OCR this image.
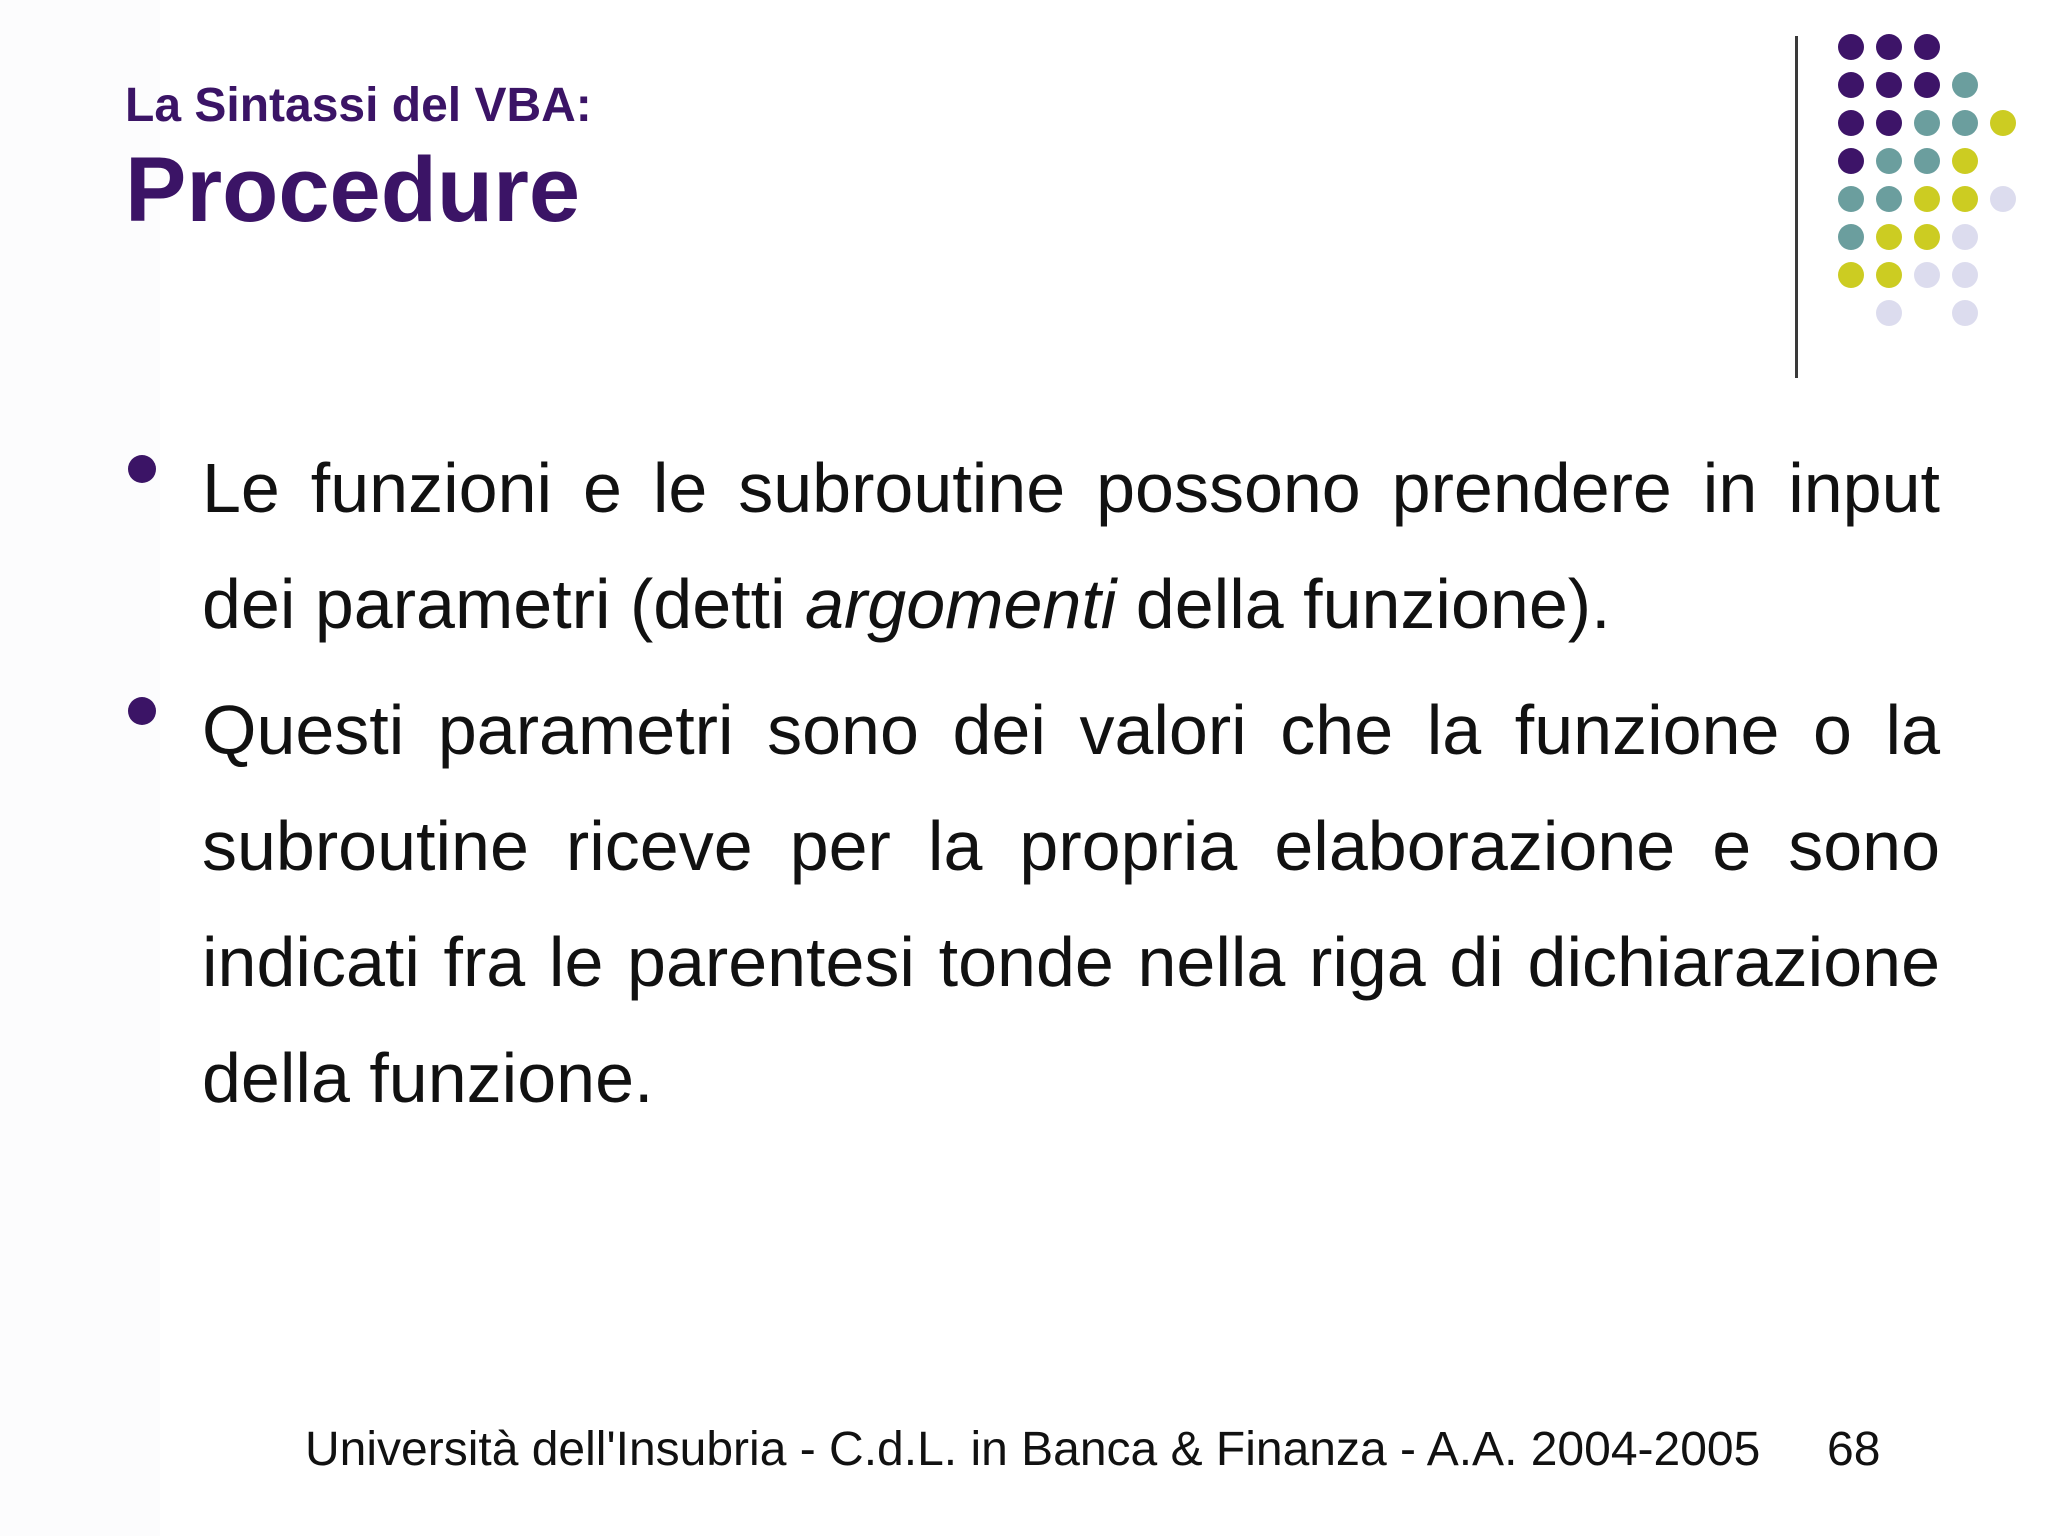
La Sintassi del VBA:
Procedure
Le funzioni e le subroutine possono prendere in input dei parametri (detti argomenti della funzione).
Questi parametri sono dei valori che la funzione o la subroutine riceve per la propria elaborazione e sono indicati fra le parentesi tonde nella riga di dichiarazione della funzione.
Università dell'Insubria - C.d.L. in Banca & Finanza - A.A. 2004-2005 68
